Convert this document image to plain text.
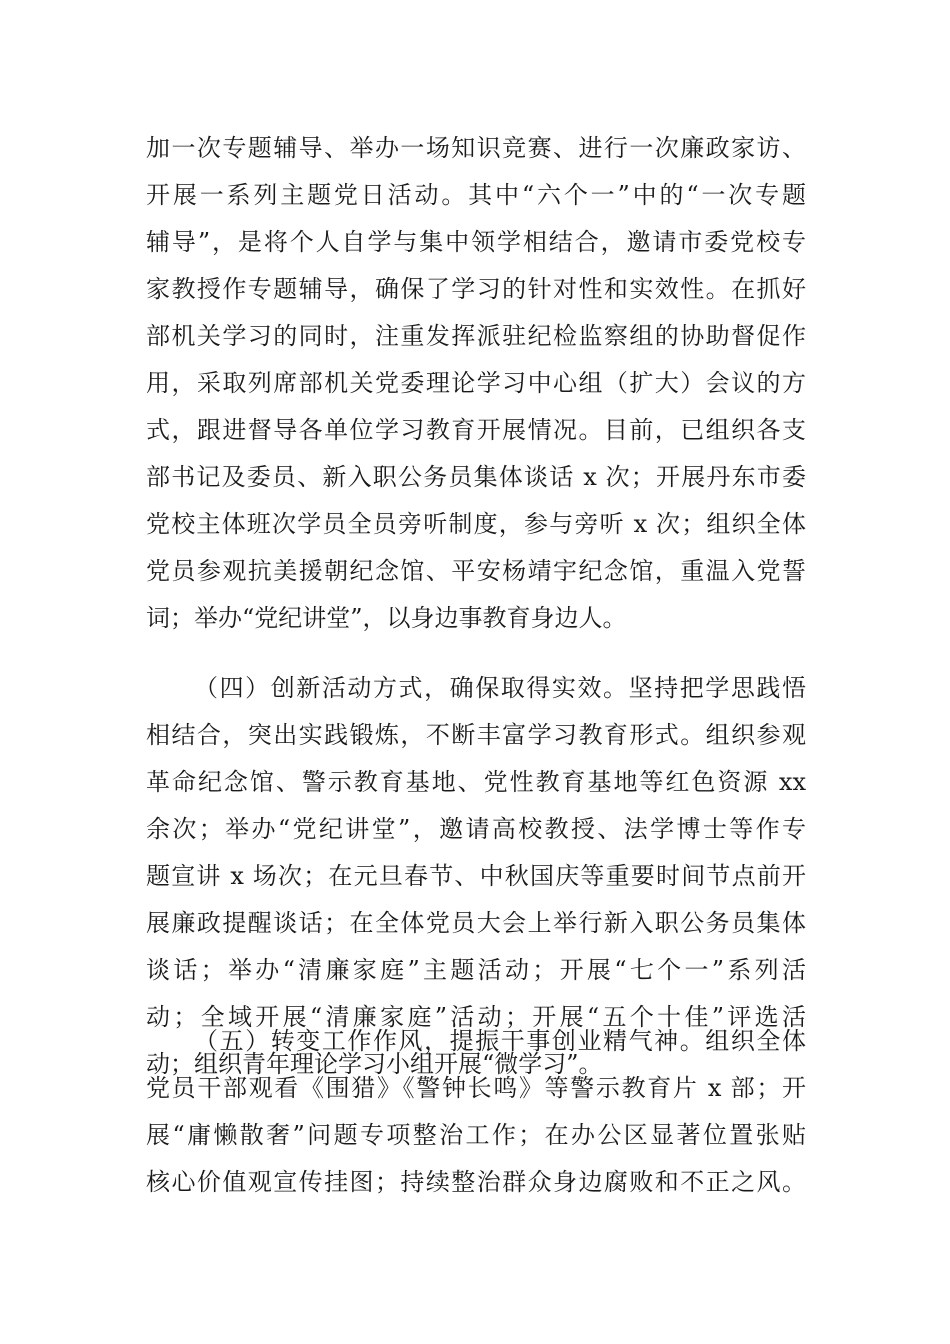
加一次专题辅导、举办一场知识竞赛、进行一次廉政家访、
开展一系列主题党日活动。其中“六个一”中的“一次专题
辅导”，是将个人自学与集中领学相结合，邀请市委党校专
家教授作专题辅导，确保了学习的针对性和实效性。在抓好
部机关学习的同时，注重发挥派驻纪检监察组的协助督促作
用，采取列席部机关党委理论学习中心组（扩大）会议的方
式，跟进督导各单位学习教育开展情况。目前，已组织各支
部书记及委员、新入职公务员集体谈话 x 次；开展丹东市委
党校主体班次学员全员旁听制度，参与旁听 x 次；组织全体
党员参观抗美援朝纪念馆、平安杨靖宇纪念馆，重温入党誓
词；举办“党纪讲堂”，以身边事教育身边人。
（四）创新活动方式，确保取得实效。坚持把学思践悟
相结合，突出实践锻炼，不断丰富学习教育形式。组织参观
革命纪念馆、警示教育基地、党性教育基地等红色资源 xx
余次；举办“党纪讲堂”，邀请高校教授、法学博士等作专
题宣讲 x 场次；在元旦春节、中秋国庆等重要时间节点前开
展廉政提醒谈话；在全体党员大会上举行新入职公务员集体
谈话；举办“清廉家庭”主题活动；开展“七个一”系列活
动；全域开展“清廉家庭”活动；开展“五个十佳”评选活
动；组织青年理论学习小组开展“微学习”。
（五）转变工作作风，提振干事创业精气神。组织全体
党员干部观看《围猎》《警钟长鸣》等警示教育片 x 部；开
展“庸懒散奢”问题专项整治工作；在办公区显著位置张贴
核心价值观宣传挂图；持续整治群众身边腐败和不正之风。
